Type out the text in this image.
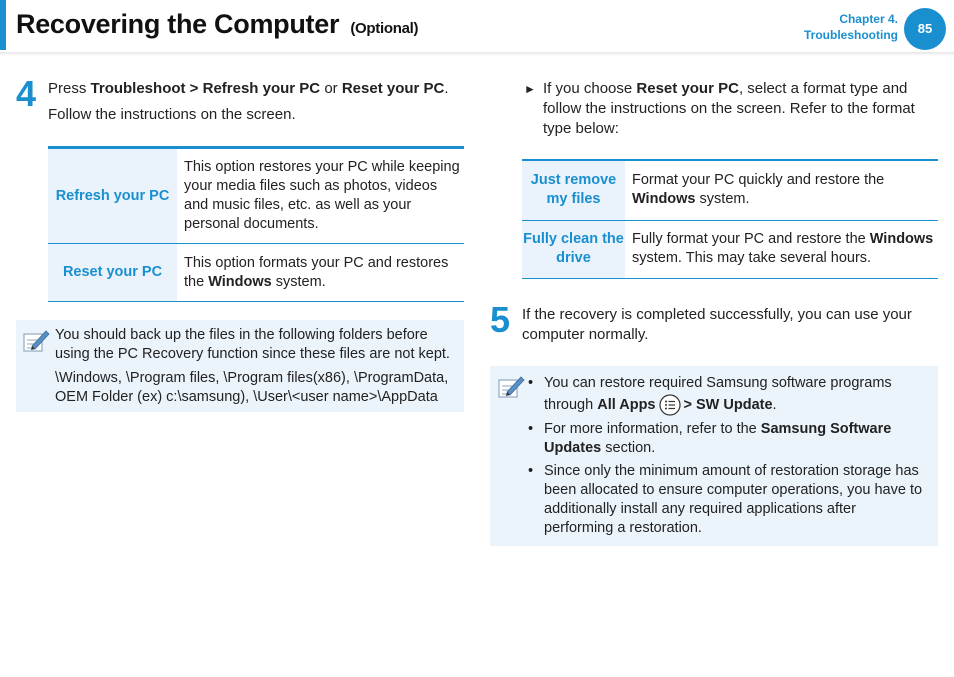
Recovering the Computer (Optional)
Chapter 4.
Troubleshooting	85
4 Press Troubleshoot > Refresh your PC or Reset your PC.
Follow the instructions on the screen.
Refresh your PC	This option restores your PC while keeping your media files such as photos, videos and music files, etc. as well as your personal documents.
Reset your PC	This option formats your PC and restores the Windows system.
You should back up the files in the following folders before using the PC Recovery function since these files are not kept.
\Windows, \Program files, \Program files(x86), \ProgramData, OEM Folder (ex) c:\samsung), \User\<user name>\AppData
► If you choose Reset your PC, select a format type and follow the instructions on the screen. Refer to the format type below:
Just remove my files	Format your PC quickly and restore the Windows system.
Fully clean the drive	Fully format your PC and restore the Windows system. This may take several hours.
5 If the recovery is completed successfully, you can use your computer normally.
• You can restore required Samsung software programs through All Apps > SW Update.
• For more information, refer to the Samsung Software Updates section.
• Since only the minimum amount of restoration storage has been allocated to ensure computer operations, you have to additionally install any required applications after performing a restoration.
